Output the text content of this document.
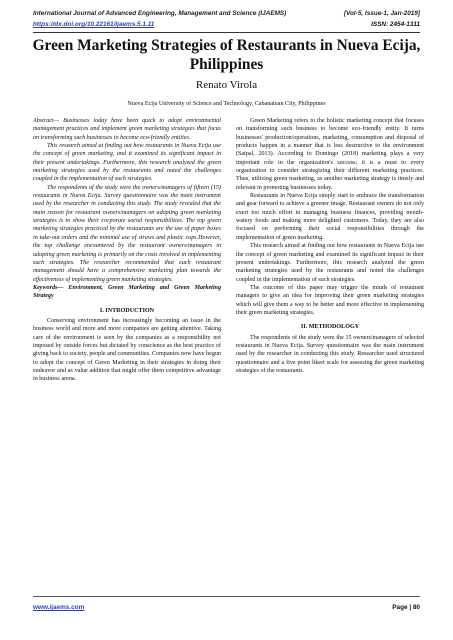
International Journal of Advanced Engineering, Management and Science (IJAEMS)	[Vol-5, Issue-1, Jan-2019]
https://dx.doi.org/10.22161/ijaems.5.1.11	ISSN: 2454-1311
Green Marketing Strategies of Restaurants in Nueva Ecija, Philippines
Renato Virola
Nueva Ecija University of Science and Technology, Cabanatuan City, Philippines

Abstract— Businesses today have been quick to adopt environmental management practices and implement green marketing strategies that focus on transforming such businesses to become eco-friendly entities.

This research aimed at finding out how restaurants in Nueva Ecija use the concept of green marketing, and it examined its significant impact in their present undertakings. Furthermore, this research analyzed the green marketing strategies used by the restaurants and noted the challenges coupled in the implementation of such strategies.

The respondents of the study were the owners/managers of fifteen (15) restaurants in Nueva Ecija. Survey questionnaire was the main instrument used by the researcher in conducting this study. The study revealed that the main reason for restaurant owners/managers on adopting green marketing strategies is to show their corporate social responsibilities. The top green marketing strategies practiced by the restaurants are the use of paper boxes in take-out orders and the minimal use of straws and plastic cups.However, the top challenge encountered by the restaurant owners/managers in adopting green marketing is primarily on the costs involved in implementing such strategies. The researcher recommended that each restaurant management should have a comprehensive marketing plan towards the effectiveness of implementing green marketing strategies.

Keywords— Environment, Green Marketing and Green Marketing Strategy

I. INTRODUCTION

Conserving environment has increasingly becoming an issue in the business world and more and more companies are getting attentive. Taking care of the environment is seen by the companies as a responsibility not imposed by outside forces but dictated by conscience as the best practice of giving back to society, people and communities. Companies now have begun to adopt the concept of Green Marketing in their strategies in doing their endeavor and as value addition that might offer them competitive advantage in business arena.

Green Marketing refers to the holistic marketing concept that focuses on transforming such business to become eco-friendly entity. It turns businesses' production/operations, marketing, consumption and disposal of products happen in a manner that is less destructive to the environment (Satpal, 2013). According to Domingo (2018) marketing plays a very important role in the organization's success; it is a must to every organization to consider strategizing their different marketing practices. Thus, utilizing green marketing, as another marketing strategy is timely and relevant in promoting businesses today.

Restaurants in Nueva Ecija simply start to embrace the transformation and gear forward to achieve a greener image. Restaurant owners do not only exert too much effort in managing business finances, providing mouth-watery foods and making more delighted customers. Today, they are also focused on performing their social responsibilities through the implementation of green marketing.

This research aimed at finding out how restaurants in Nueva Ecija use the concept of green marketing and examined its significant impact in their present undertakings. Furthermore, this research analyzed the green marketing strategies used by the restaurants and noted the challenges coupled in the implementation of such strategies.

The outcome of this paper may trigger the minds of restaurant managers to give an idea for improving their green marketing strategies which will give them a way to be better and more effective in implementing their green marketing strategies.

II. METHODOLOGY

The respondents of the study were the 15 owners/managers of selected restaurants in Nueva Ecija. Survey questionnaire was the main instrument used by the researcher in conducting this study. Researcher used structured questionnaire and a five point likert scale for assessing the green marketing strategies of the restaurants.

www.ijaems.com	Page | 80
